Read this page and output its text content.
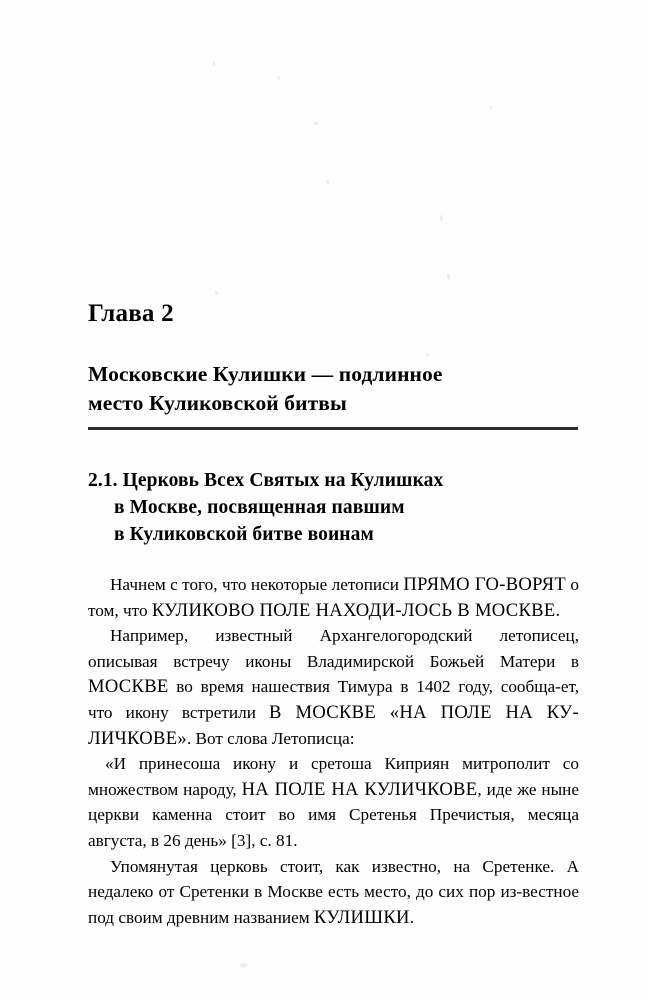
Глава 2
Московские Кулишки — подлинное
место Куликовской битвы
2.1. Церковь Всех Святых на Кулишках
в Москве, посвященная павшим
в Куликовской битве воинам

Начнем с того, что некоторые летописи ПРЯМО ГО-ВОРЯТ о том, что КУЛИКОВО ПОЛЕ НАХОДИ-ЛОСЬ В МОСКВЕ.

Например, известный Архангелогородский летописец, описывая встречу иконы Владимирской Божьей Матери в МОСКВЕ во время нашествия Тимура в 1402 году, сообща-ет, что икону встретили В МОСКВЕ «НА ПОЛЕ НА КУ-ЛИЧКОВЕ». Вот слова Летописца:

«И принесоша икону и сретоша Киприян митрополит со множеством народу, НА ПОЛЕ НА КУЛИЧКОВЕ, иде же ныне церкви каменна стоит во имя Сретенья Пречистыя, месяца августа, в 26 день» [3], с. 81.

Упомянутая церковь стоит, как известно, на Сретенке. А недалеко от Сретенки в Москве есть место, до сих пор из-вестное под своим древним названием КУЛИШКИ.
